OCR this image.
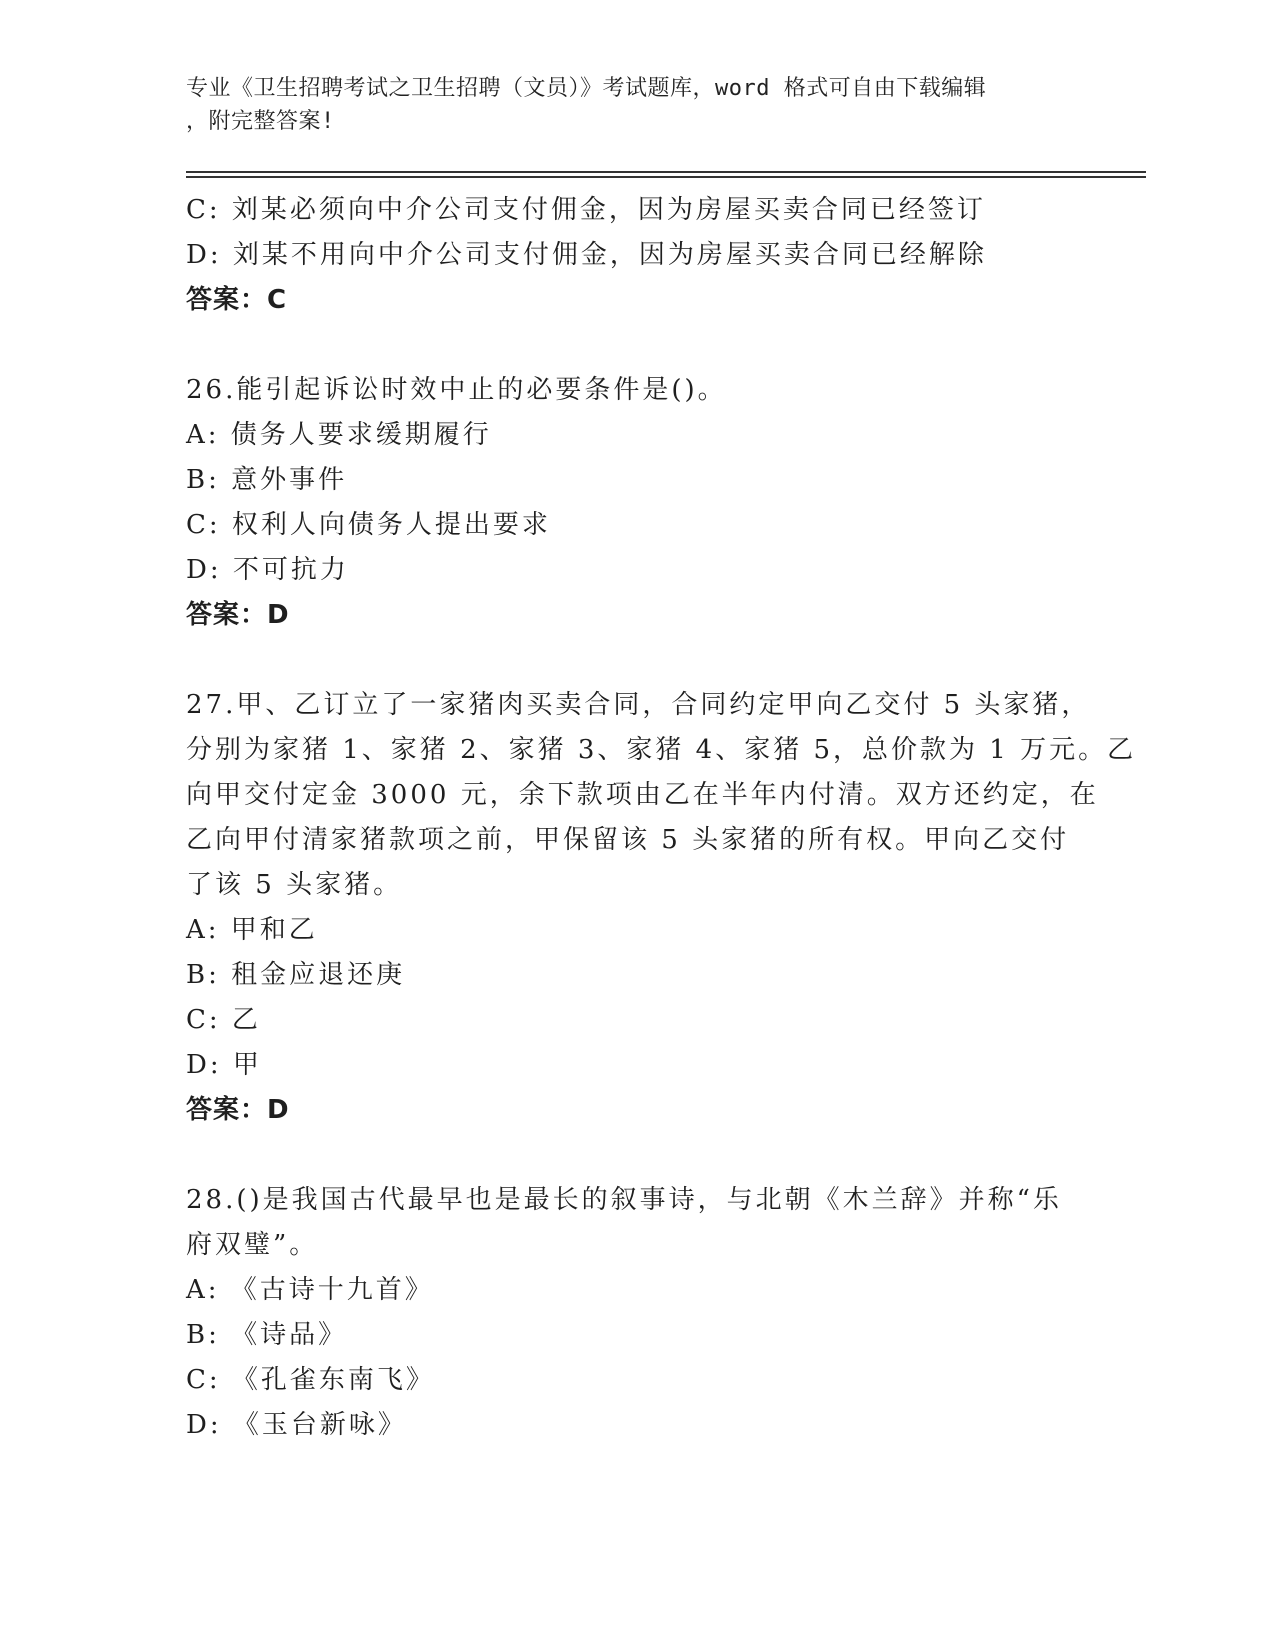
专业《卫生招聘考试之卫生招聘（文员）》考试题库，word 格式可自由下载编辑
，附完整答案!
C: 刘某必须向中介公司支付佣金，因为房屋买卖合同已经签订
D: 刘某不用向中介公司支付佣金，因为房屋买卖合同已经解除
答案：C
26.能引起诉讼时效中止的必要条件是()。
A: 债务人要求缓期履行
B: 意外事件
C: 权利人向债务人提出要求
D: 不可抗力
答案：D
27.甲、乙订立了一家猪肉买卖合同，合同约定甲向乙交付 5 头家猪，
分别为家猪 1、家猪 2、家猪 3、家猪 4、家猪 5，总价款为 1 万元。乙
向甲交付定金 3000 元，余下款项由乙在半年内付清。双方还约定，在
乙向甲付清家猪款项之前，甲保留该 5 头家猪的所有权。甲向乙交付
了该 5 头家猪。
A: 甲和乙
B: 租金应退还庚
C: 乙
D: 甲
答案：D
28.()是我国古代最早也是最长的叙事诗，与北朝《木兰辞》并称“乐
府双璧”。
A: 《古诗十九首》
B: 《诗品》
C: 《孔雀东南飞》
D: 《玉台新咏》
